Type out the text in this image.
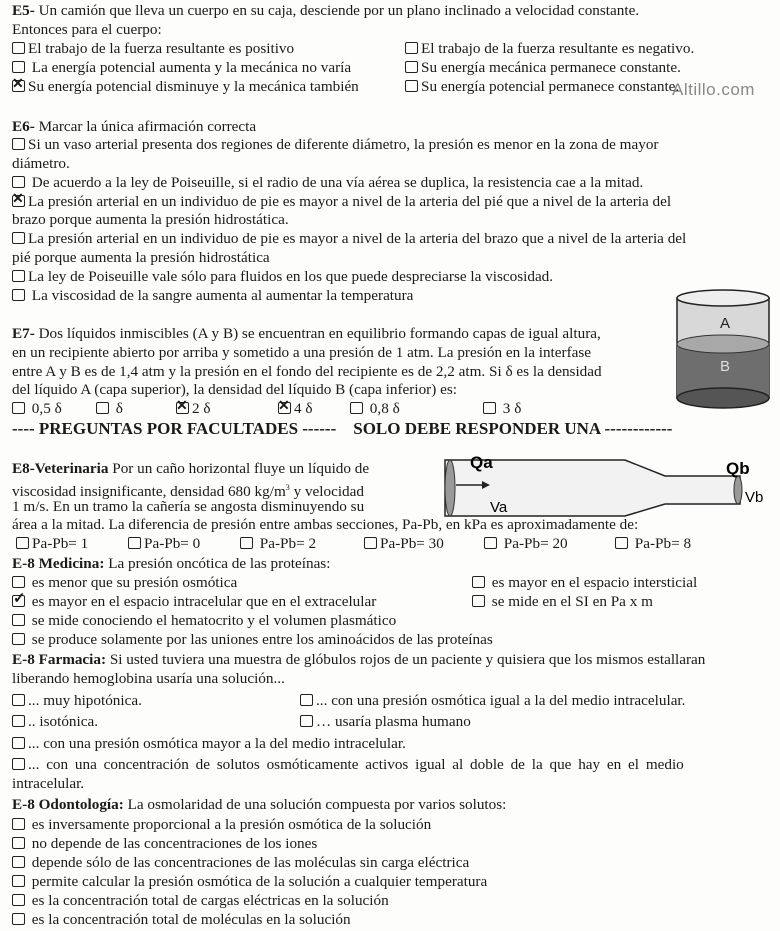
Altillo.com
E5- Un camión que lleva un cuerpo en su caja, desciende por un plano inclinado a velocidad constante.
Entonces para el cuerpo:
El trabajo de la fuerza resultante es positivo	El trabajo de la fuerza resultante es negativo.
La energía potencial aumenta y la mecánica no varía	Su energía mecánica permanece constante.
✕Su energía potencial disminuye y la mecánica también	Su energía potencial permanece constante.
E6- Marcar la única afirmación correcta
Si un vaso arterial presenta dos regiones de diferente diámetro, la presión es menor en la zona de mayor
diámetro.
De acuerdo a la ley de Poiseuille, si el radio de una vía aérea se duplica, la resistencia cae a la mitad.
✕La presión arterial en un individuo de pie es mayor a nivel de la arteria del pié que a nivel de la arteria del
brazo porque aumenta la presión hidrostática.
La presión arterial en un individuo de pie es mayor a nivel de la arteria del brazo que a nivel de la arteria del
pié porque aumenta la presión hidrostática
La ley de Poiseuille vale sólo para fluidos en los que puede despreciarse la viscosidad.
La viscosidad de la sangre aumenta al aumentar la temperatura
A
B
E7- Dos líquidos inmiscibles (A y B) se encuentran en equilibrio formando capas de igual altura,
en un recipiente abierto por arriba y sometido a una presión de 1 atm. La presión en la interfase
entre A y B es de 1,4 atm y la presión en el fondo del recipiente es de 2,2 atm. Si δ es la densidad
del líquido A (capa superior), la densidad del líquido B (capa inferior) es:
0,5 δ	δ ✕	2 δ ✕	4 δ	0,8 δ	3 δ
---- PREGUNTAS POR FACULTADES ------ SOLO DEBE RESPONDER UNA ------------
Qa	Qb
Va
Vb
E8-Veterinaria Por un caño horizontal fluye un líquido de
viscosidad insignificante, densidad 680 $kg/m^3$ y velocidad
1 m/s. En un tramo la cañería se angosta disminuyendo su
área a la mitad. La diferencia de presión entre ambas secciones, Pa-Pb, en kPa es aproximadamente de:
Pa-Pb= 1	Pa-Pb= 0	Pa-Pb= 2	Pa-Pb= 30	Pa-Pb= 20	Pa-Pb= 8
E-8 Medicina: La presión oncótica de las proteínas:
es menor que su presión osmótica	es mayor en el espacio intersticial
✓ es mayor en el espacio intracelular que en el extracelular	se mide en el SI en Pa x m
se mide conociendo el hematocrito y el volumen plasmático
se produce solamente por las uniones entre los aminoácidos de las proteínas
E-8 Farmacia: Si usted tuviera una muestra de glóbulos rojos de un paciente y quisiera que los mismos estallaran
liberando hemoglobina usaría una solución...
... muy hipotónica.	... con una presión osmótica igual a la del medio intracelular.
.. isotónica.	… usaría plasma humano
... con una presión osmótica mayor a la del medio intracelular.
... con una concentración de solutos osmóticamente activos igual al doble de la que hay en el medio
intracelular.
E-8 Odontología: La osmolaridad de una solución compuesta por varios solutos:
es inversamente proporcional a la presión osmótica de la solución
no depende de las concentraciones de los iones
depende sólo de las concentraciones de las moléculas sin carga eléctrica
permite calcular la presión osmótica de la solución a cualquier temperatura
es la concentración total de cargas eléctricas en la solución
es la concentración total de moléculas en la solución
